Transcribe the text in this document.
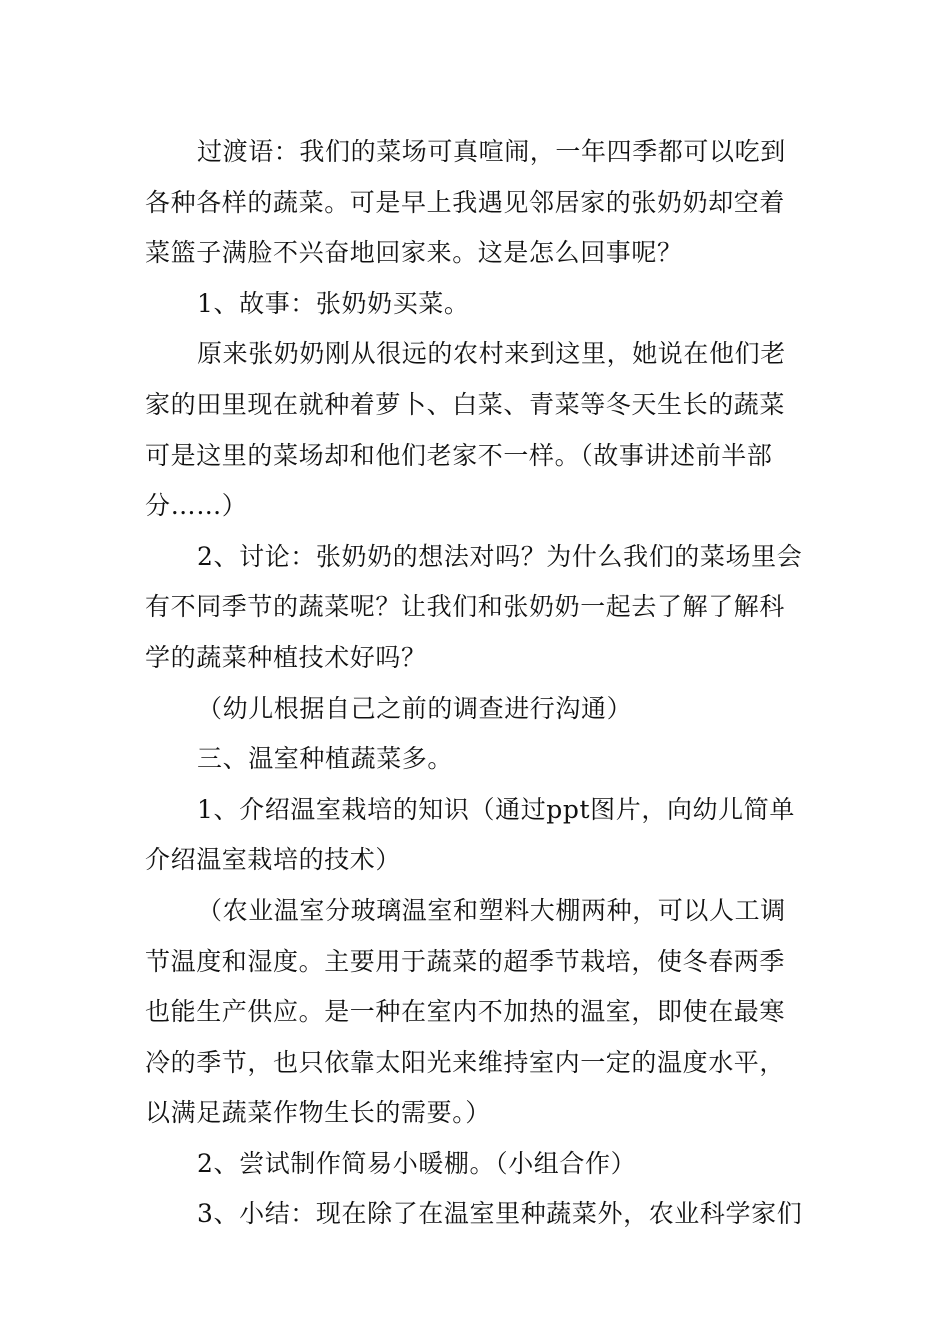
过渡语：我们的菜场可真喧闹，一年四季都可以吃到各种各样的蔬菜。可是早上我遇见邻居家的张奶奶却空着菜篮子满脸不兴奋地回家来。这是怎么回事呢？

1、故事：张奶奶买菜。

原来张奶奶刚从很远的农村来到这里，她说在他们老家的田里现在就种着萝卜、白菜、青菜等冬天生长的蔬菜可是这里的菜场却和他们老家不一样。（故事讲述前半部分……）

2、讨论：张奶奶的想法对吗？为什么我们的菜场里会有不同季节的蔬菜呢？让我们和张奶奶一起去了解了解科学的蔬菜种植技术好吗？

（幼儿根据自己之前的调查进行沟通）

三、温室种植蔬菜多。

1、介绍温室栽培的知识（通过ppt图片，向幼儿简单介绍温室栽培的技术）

（农业温室分玻璃温室和塑料大棚两种，可以人工调节温度和湿度。主要用于蔬菜的超季节栽培，使冬春两季也能生产供应。是一种在室内不加热的温室，即使在最寒冷的季节，也只依靠太阳光来维持室内一定的温度水平，以满足蔬菜作物生长的需要。）

2、尝试制作简易小暖棚。（小组合作）

3、小结：现在除了在温室里种蔬菜外，农业科学家们
